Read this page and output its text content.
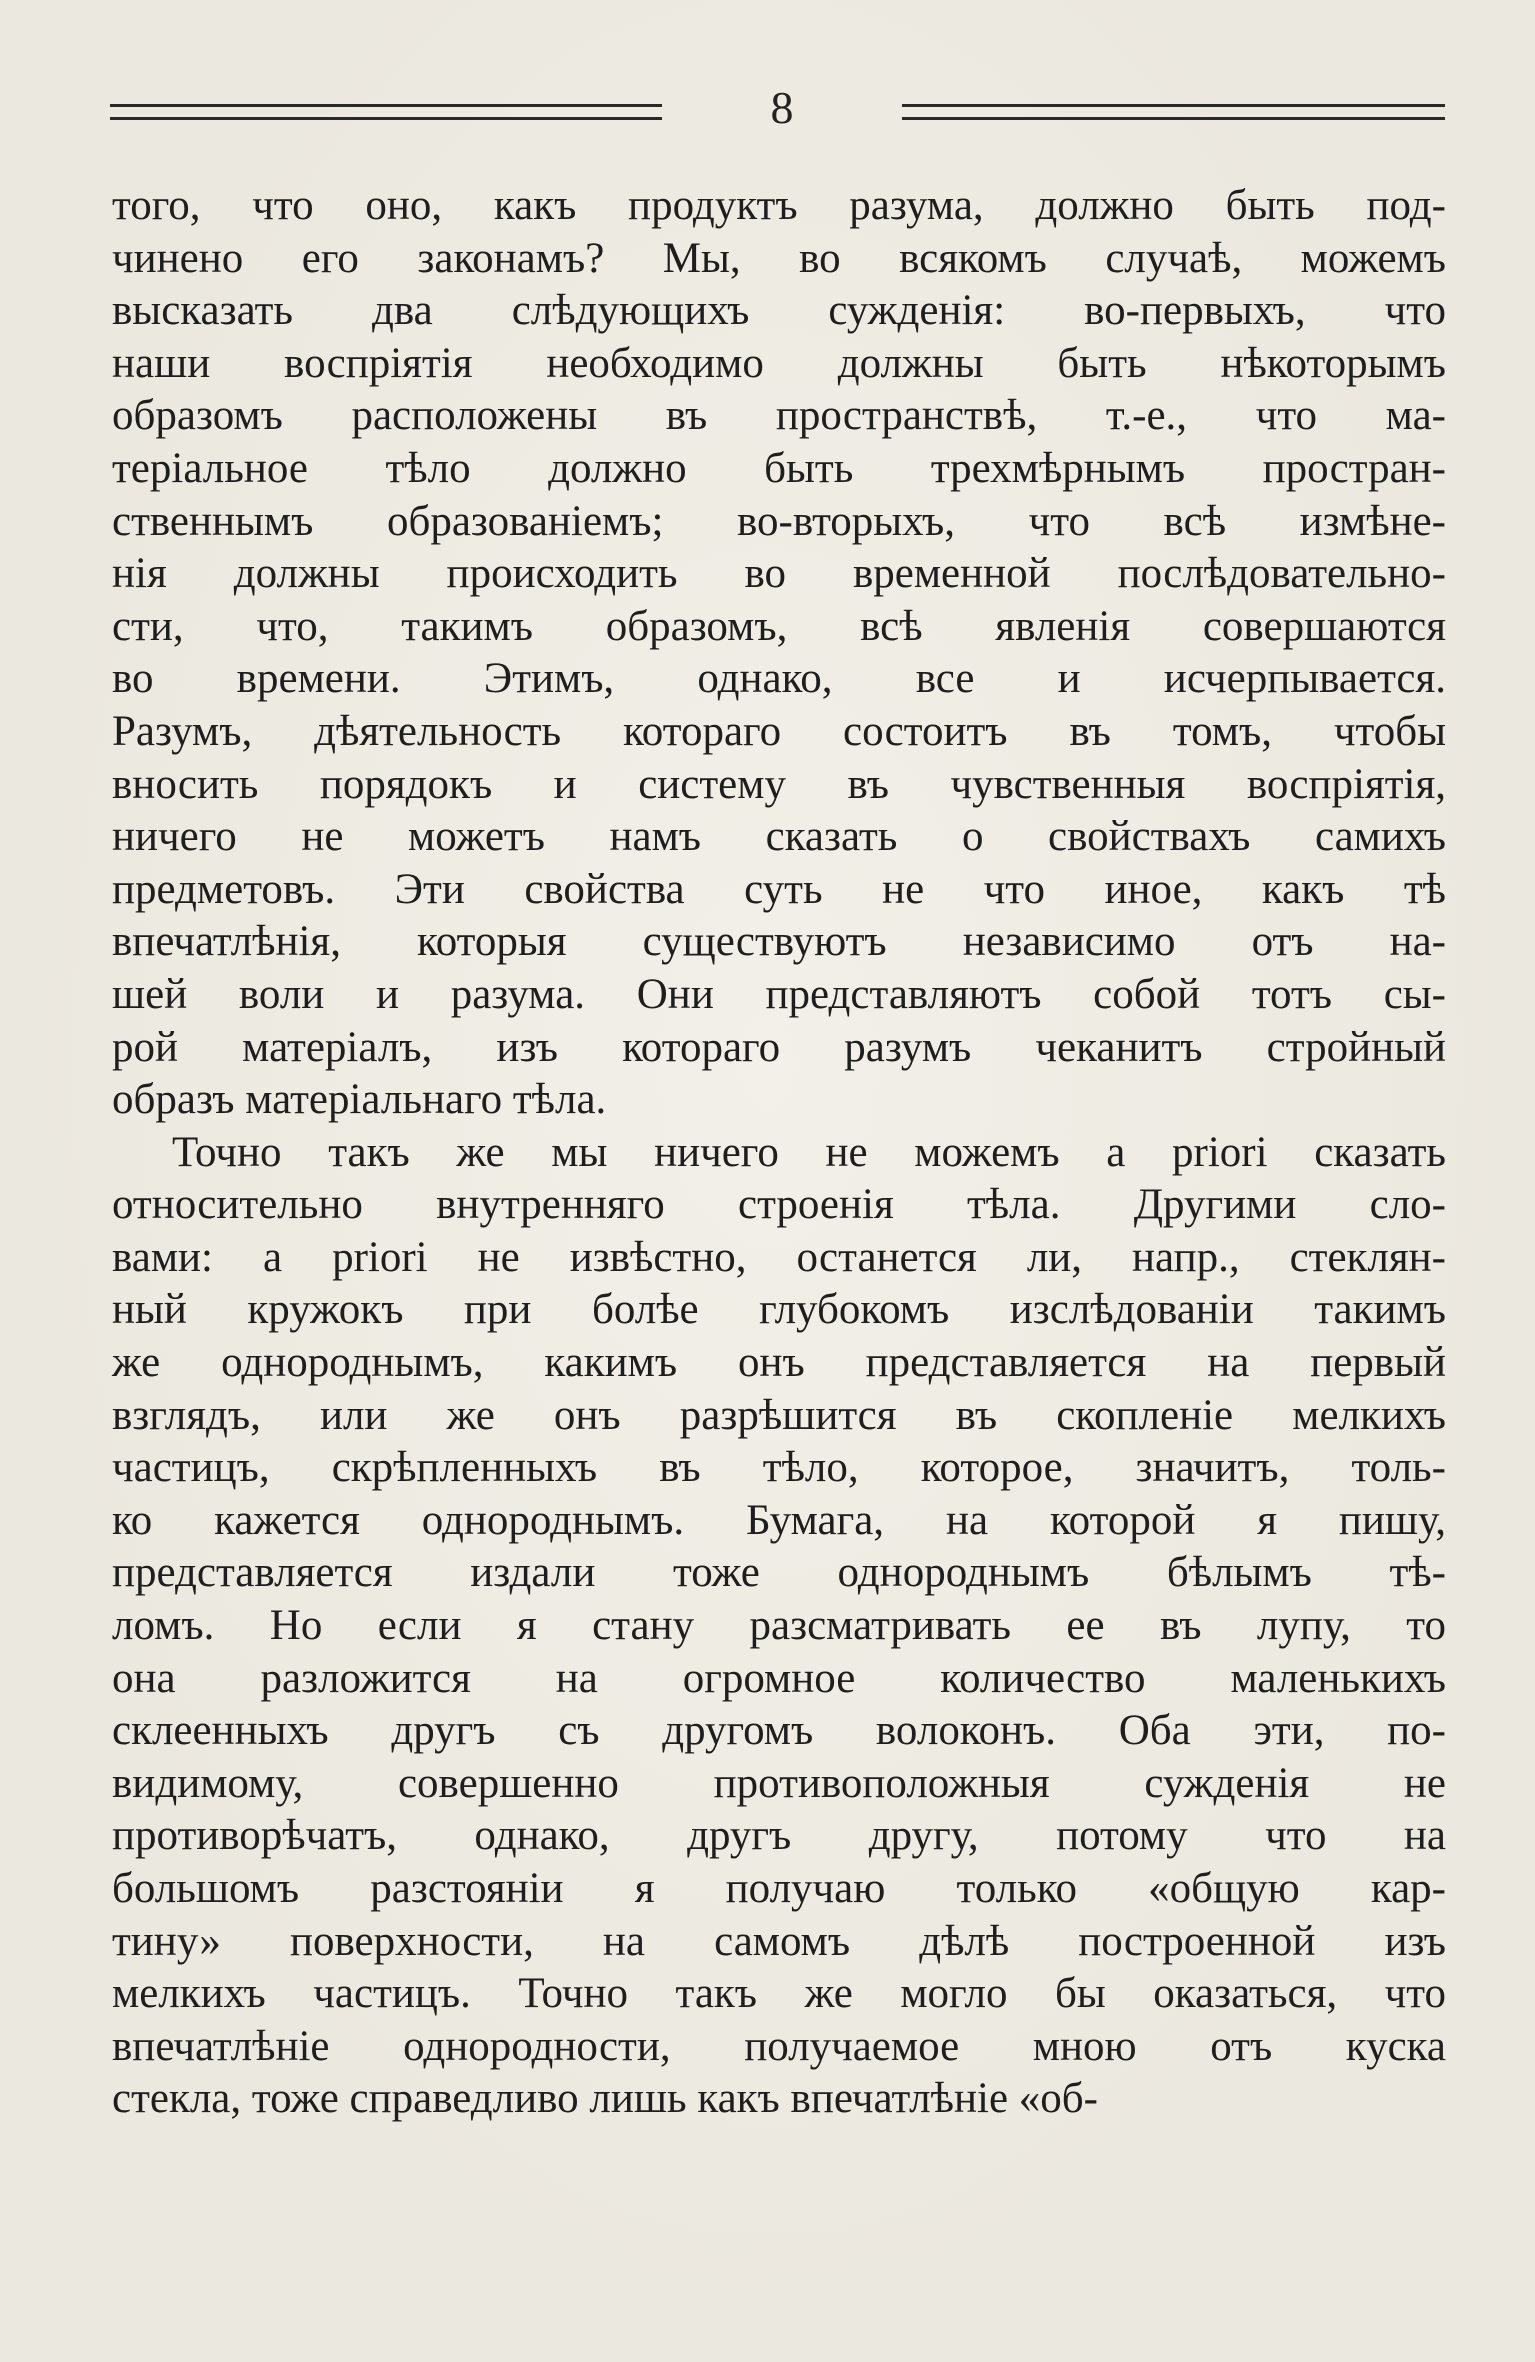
8
того, что оно, какъ продуктъ разума, должно быть под-
чинено его законамъ? Мы, во всякомъ случаѣ, можемъ
высказать два слѣдующихъ сужденія: во-первыхъ, что
наши воспріятія необходимо должны быть нѣкоторымъ
образомъ расположены въ пространствѣ, т.-е., что ма-
теріальное тѣло должно быть трехмѣрнымъ простран-
ственнымъ образованіемъ; во-вторыхъ, что всѣ измѣне-
нія должны происходить во временной послѣдовательно-
сти, что, такимъ образомъ, всѣ явленія совершаются
во времени. Этимъ, однако, все и исчерпывается.
Разумъ, дѣятельность котораго состоитъ въ томъ, чтобы
вносить порядокъ и систему въ чувственныя воспріятія,
ничего не можетъ намъ сказать о свойствахъ самихъ
предметовъ. Эти свойства суть не что иное, какъ тѣ
впечатлѣнія, которыя существуютъ независимо отъ на-
шей воли и разума. Они представляютъ собой тотъ сы-
рой матеріалъ, изъ котораго разумъ чеканитъ стройный
образъ матеріальнаго тѣла.
Точно такъ же мы ничего не можемъ a priori сказать
относительно внутренняго строенія тѣла. Другими сло-
вами: a priori не извѣстно, останется ли, напр., стеклян-
ный кружокъ при болѣе глубокомъ изслѣдованіи такимъ
же однороднымъ, какимъ онъ представляется на первый
взглядъ, или же онъ разрѣшится въ скопленіе мелкихъ
частицъ, скрѣпленныхъ въ тѣло, которое, значитъ, толь-
ко кажется однороднымъ. Бумага, на которой я пишу,
представляется издали тоже однороднымъ бѣлымъ тѣ-
ломъ. Но если я стану разсматривать ее въ лупу, то
она разложится на огромное количество маленькихъ
склеенныхъ другъ съ другомъ волоконъ. Оба эти, по-
видимому, совершенно противоположныя сужденія не
противорѣчатъ, однако, другъ другу, потому что на
большомъ разстояніи я получаю только «общую кар-
тину» поверхности, на самомъ дѣлѣ построенной изъ
мелкихъ частицъ. Точно такъ же могло бы оказаться, что
впечатлѣніе однородности, получаемое мною отъ куска
стекла, тоже справедливо лишь какъ впечатлѣніе «об-
